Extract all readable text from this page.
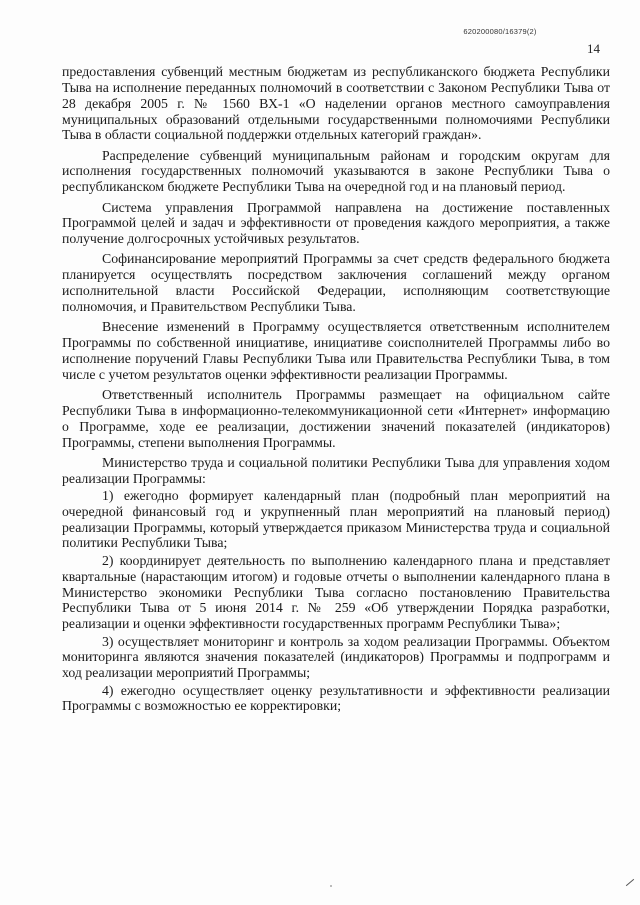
620200080/16379(2)
14

предоставления субвенций местным бюджетам из республиканского бюджета Республики Тыва на исполнение переданных полномочий в соответствии с Законом Республики Тыва от 28 декабря 2005 г. № 1560 ВХ-1 «О наделении органов местного самоуправления муниципальных образований отдельными государственными полномочиями Республики Тыва в области социальной поддержки отдельных категорий граждан».

Распределение субвенций муниципальным районам и городским округам для исполнения государственных полномочий указываются в законе Республики Тыва о республиканском бюджете Республики Тыва на очередной год и на плановый период.

Система управления Программой направлена на достижение поставленных Программой целей и задач и эффективности от проведения каждого мероприятия, а также получение долгосрочных устойчивых результатов.

Софинансирование мероприятий Программы за счет средств федерального бюджета планируется осуществлять посредством заключения соглашений между органом исполнительной власти Российской Федерации, исполняющим соответствующие полномочия, и Правительством Республики Тыва.

Внесение изменений в Программу осуществляется ответственным исполнителем Программы по собственной инициативе, инициативе соисполнителей Программы либо во исполнение поручений Главы Республики Тыва или Правительства Республики Тыва, в том числе с учетом результатов оценки эффективности реализации Программы.

Ответственный исполнитель Программы размещает на официальном сайте Республики Тыва в информационно-телекоммуникационной сети «Интернет» информацию о Программе, ходе ее реализации, достижении значений показателей (индикаторов) Программы, степени выполнения Программы.

Министерство труда и социальной политики Республики Тыва для управления ходом реализации Программы:

1) ежегодно формирует календарный план (подробный план мероприятий на очередной финансовый год и укрупненный план мероприятий на плановый период) реализации Программы, который утверждается приказом Министерства труда и социальной политики Республики Тыва;

2) координирует деятельность по выполнению календарного плана и представляет квартальные (нарастающим итогом) и годовые отчеты о выполнении календарного плана в Министерство экономики Республики Тыва согласно постановлению Правительства Республики Тыва от 5 июня 2014 г. № 259 «Об утверждении Порядка разработки, реализации и оценки эффективности государственных программ Республики Тыва»;

3) осуществляет мониторинг и контроль за ходом реализации Программы. Объектом мониторинга являются значения показателей (индикаторов) Программы и подпрограмм и ход реализации мероприятий Программы;

4) ежегодно осуществляет оценку результативности и эффективности реализации Программы с возможностью ее корректировки;
